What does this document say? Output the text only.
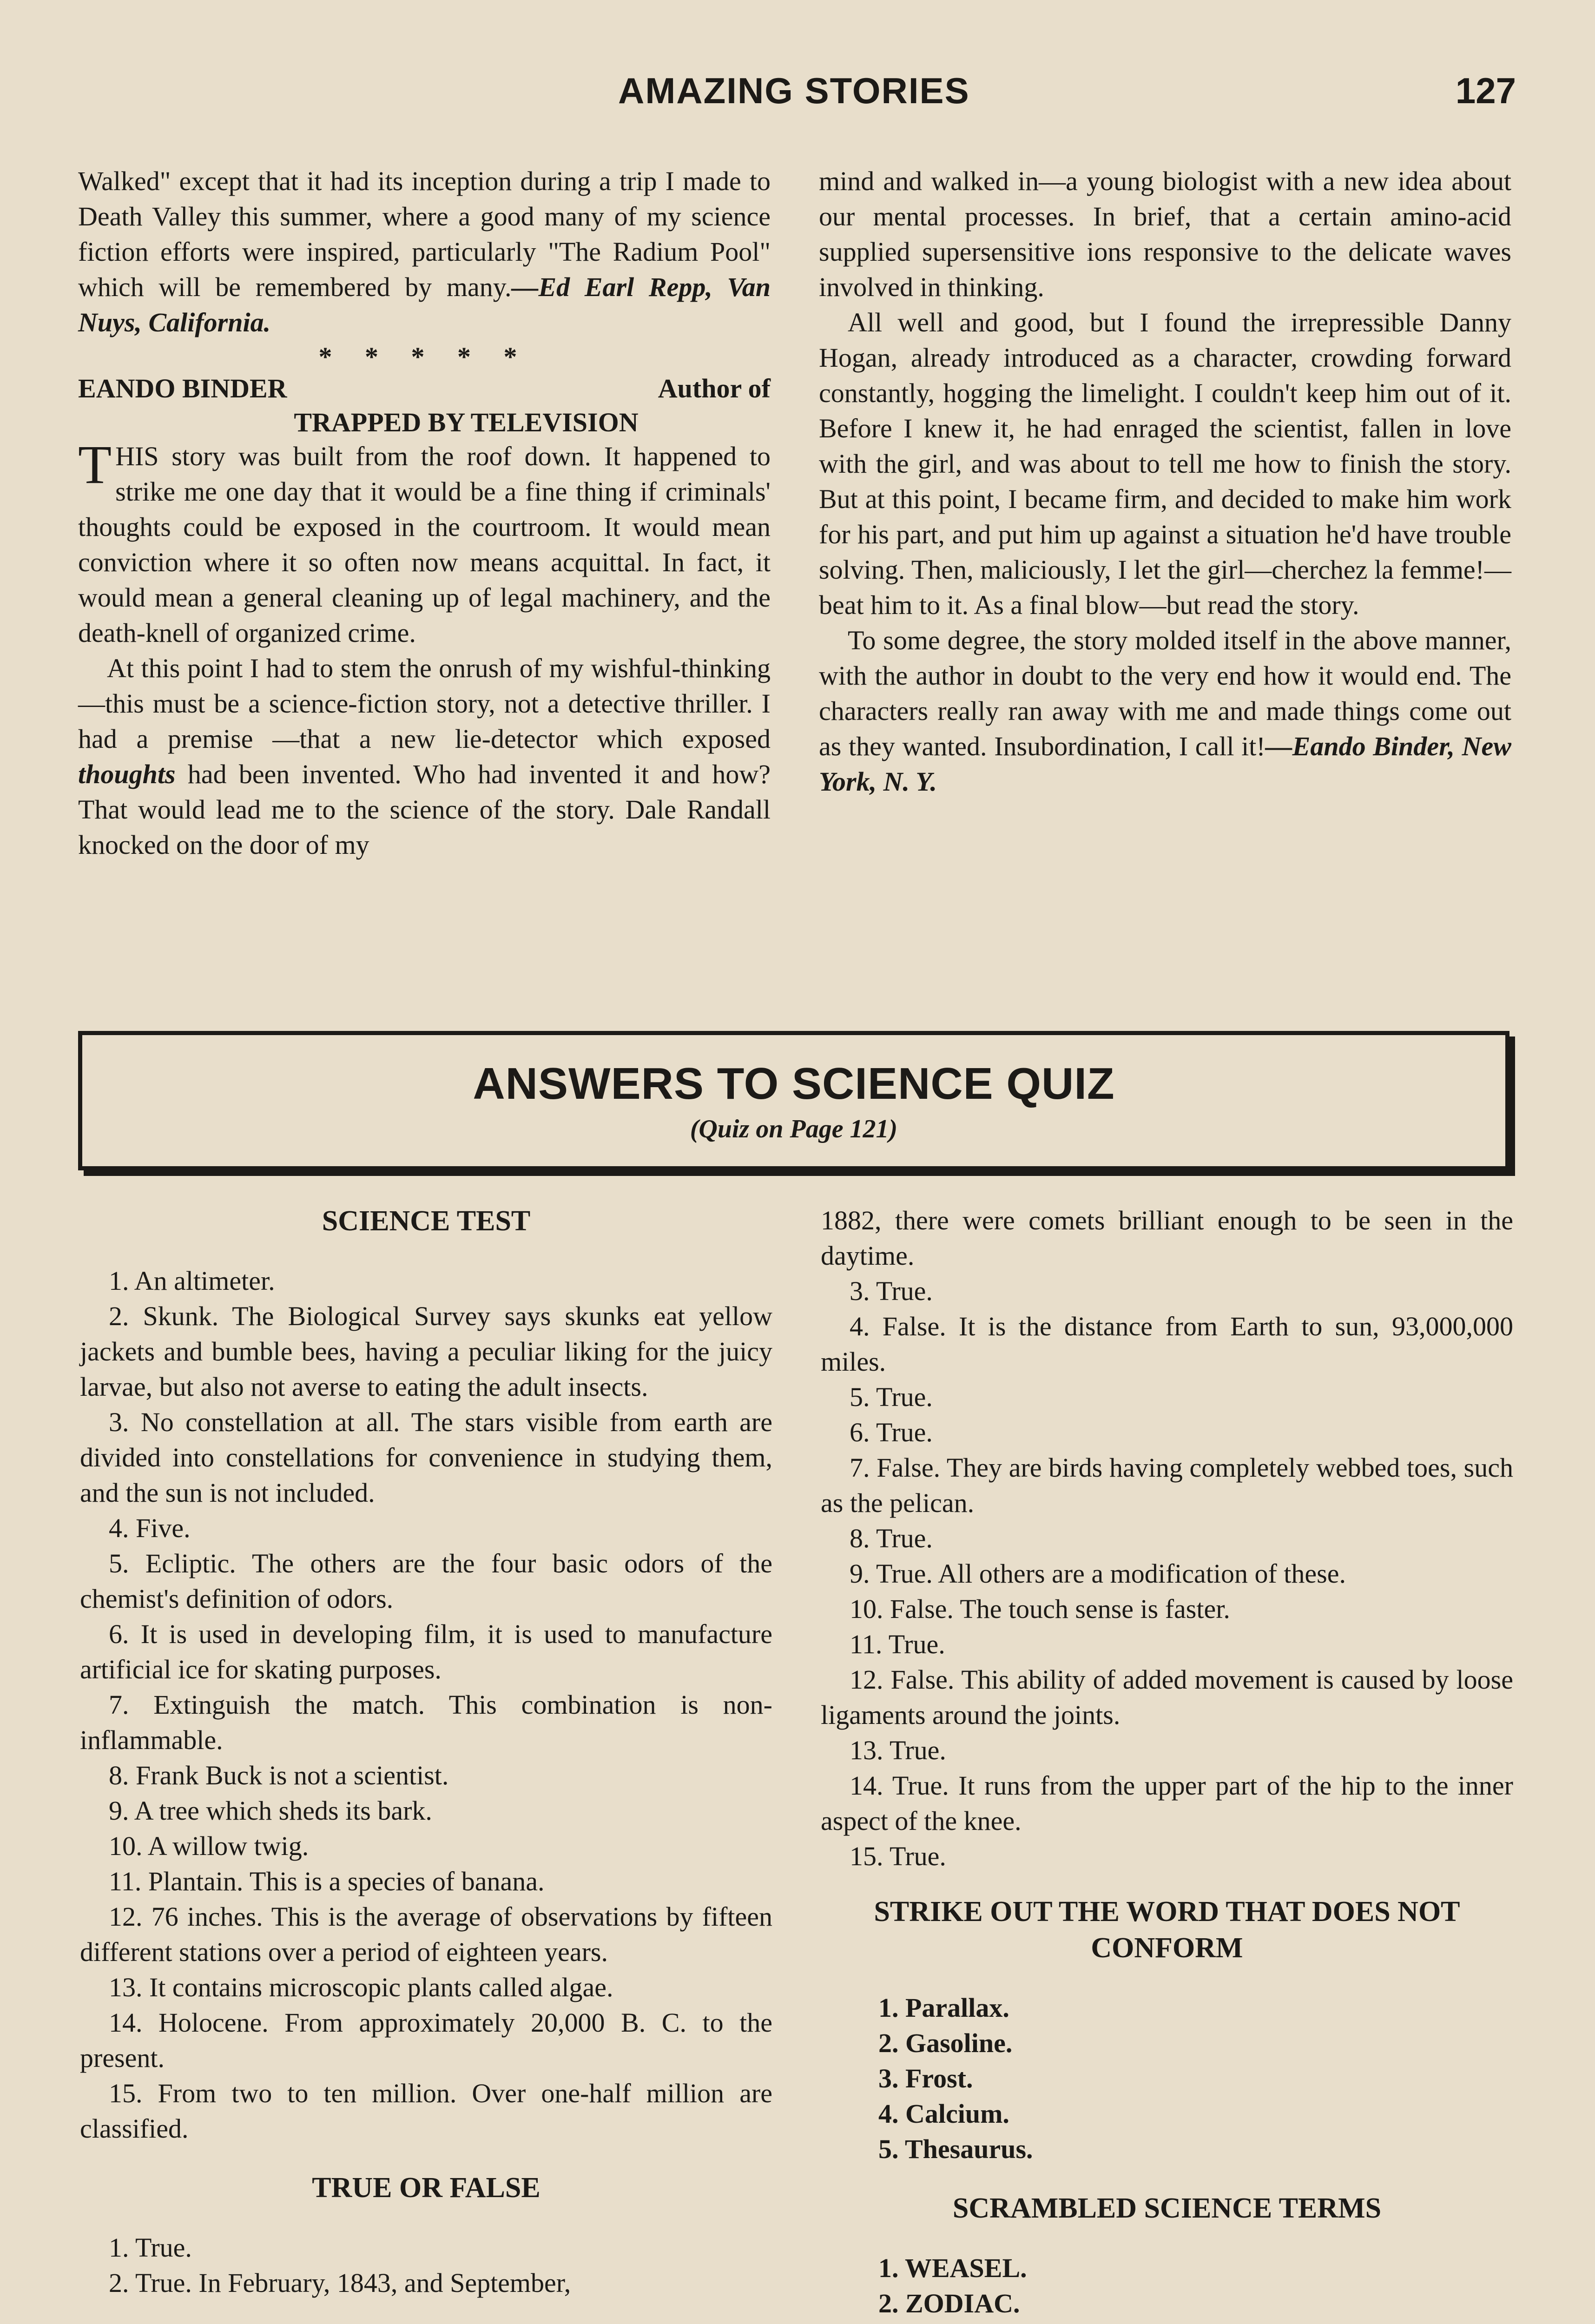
AMAZING STORIES	127

Walked" except that it had its inception during a trip I made to Death Valley this summer, where a good many of my science fiction efforts were inspired, particularly "The Radium Pool" which will be remembered by many.—Ed Earl Repp, Van Nuys, California.

* * * * *
EANDO BINDER	Author of
TRAPPED BY TELEVISION

THIS story was built from the roof down. It happened to strike me one day that it would be a fine thing if criminals' thoughts could be exposed in the courtroom. It would mean conviction where it so often now means acquittal. In fact, it would mean a general cleaning up of legal machinery, and the death-knell of organized crime.

At this point I had to stem the onrush of my wishful-thinking—this must be a science-fiction story, not a detective thriller. I had a premise —that a new lie-detector which exposed thoughts had been invented. Who had invented it and how? That would lead me to the science of the story. Dale Randall knocked on the door of my

mind and walked in—a young biologist with a new idea about our mental processes. In brief, that a certain amino-acid supplied supersensitive ions responsive to the delicate waves involved in thinking.

All well and good, but I found the irrepressible Danny Hogan, already introduced as a character, crowding forward constantly, hogging the limelight. I couldn't keep him out of it. Before I knew it, he had enraged the scientist, fallen in love with the girl, and was about to tell me how to finish the story. But at this point, I became firm, and decided to make him work for his part, and put him up against a situation he'd have trouble solving. Then, maliciously, I let the girl—cherchez la femme!—beat him to it. As a final blow—but read the story.

To some degree, the story molded itself in the above manner, with the author in doubt to the very end how it would end. The characters really ran away with me and made things come out as they wanted. Insubordination, I call it!—Eando Binder, New York, N. Y.

ANSWERS TO SCIENCE QUIZ
(Quiz on Page 121)
SCIENCE TEST

1. An altimeter.

2. Skunk. The Biological Survey says skunks eat yellow jackets and bumble bees, having a peculiar liking for the juicy larvae, but also not averse to eating the adult insects.

3. No constellation at all. The stars visible from earth are divided into constellations for convenience in studying them, and the sun is not included.

4. Five.

5. Ecliptic. The others are the four basic odors of the chemist's definition of odors.

6. It is used in developing film, it is used to manufacture artificial ice for skating purposes.

7. Extinguish the match. This combination is non-inflammable.

8. Frank Buck is not a scientist.

9. A tree which sheds its bark.

10. A willow twig.

11. Plantain. This is a species of banana.

12. 76 inches. This is the average of observations by fifteen different stations over a period of eighteen years.

13. It contains microscopic plants called algae.

14. Holocene. From approximately 20,000 B. C. to the present.

15. From two to ten million. Over one-half million are classified.

TRUE OR FALSE

1. True.

2. True. In February, 1843, and September,

1882, there were comets brilliant enough to be seen in the daytime.

3. True.

4. False. It is the distance from Earth to sun, 93,000,000 miles.

5. True.

6. True.

7. False. They are birds having completely webbed toes, such as the pelican.

8. True.

9. True. All others are a modification of these.

10. False. The touch sense is faster.

11. True.

12. False. This ability of added movement is caused by loose ligaments around the joints.

13. True.

14. True. It runs from the upper part of the hip to the inner aspect of the knee.

15. True.

STRIKE OUT THE WORD THAT DOES NOT CONFORM

1. Parallax.

2. Gasoline.

3. Frost.

4. Calcium.

5. Thesaurus.

SCRAMBLED SCIENCE TERMS

1. WEASEL.

2. ZODIAC.
